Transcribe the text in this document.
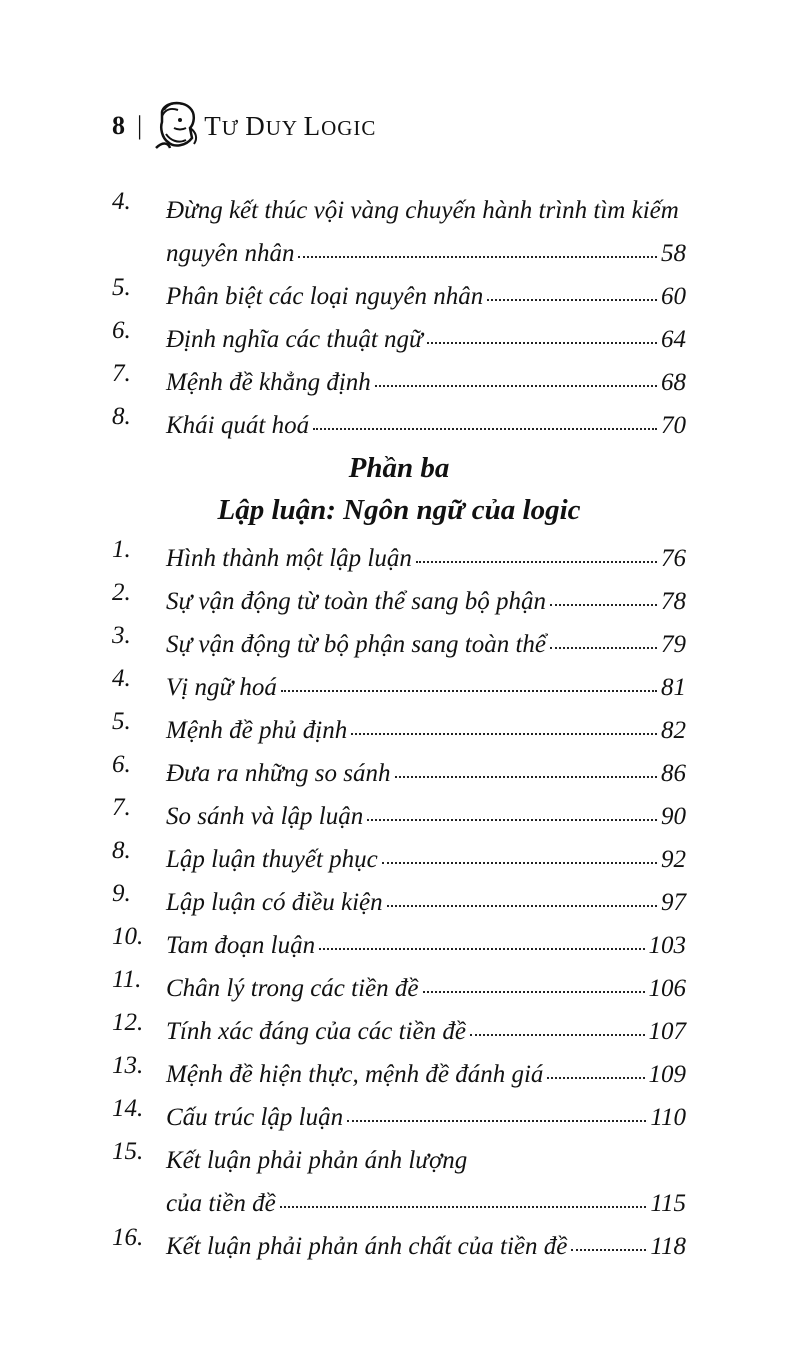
8 | TƯ DUY LOGIC
4.	Đừng kết thúc vội vàng chuyến hành trình tìm kiếm
nguyên nhân	58
5.	Phân biệt các loại nguyên nhân	60
6.	Định nghĩa các thuật ngữ	64
7.	Mệnh đề khẳng định	68
8.	Khái quát hoá	70
Phần ba
Lập luận: Ngôn ngữ của logic
1.	Hình thành một lập luận	76
2.	Sự vận động từ toàn thể sang bộ phận	78
3.	Sự vận động từ bộ phận sang toàn thể	79
4.	Vị ngữ hoá	81
5.	Mệnh đề phủ định	82
6.	Đưa ra những so sánh	86
7.	So sánh và lập luận	90
8.	Lập luận thuyết phục	92
9.	Lập luận có điều kiện	97
10. Tam đoạn luận	103
11. Chân lý trong các tiền đề	106
12. Tính xác đáng của các tiền đề	107
13. Mệnh đề hiện thực, mệnh đề đánh giá	109
14. Cấu trúc lập luận	110
15. Kết luận phải phản ánh lượng
của tiền đề	115
16. Kết luận phải phản ánh chất của tiền đề	118
